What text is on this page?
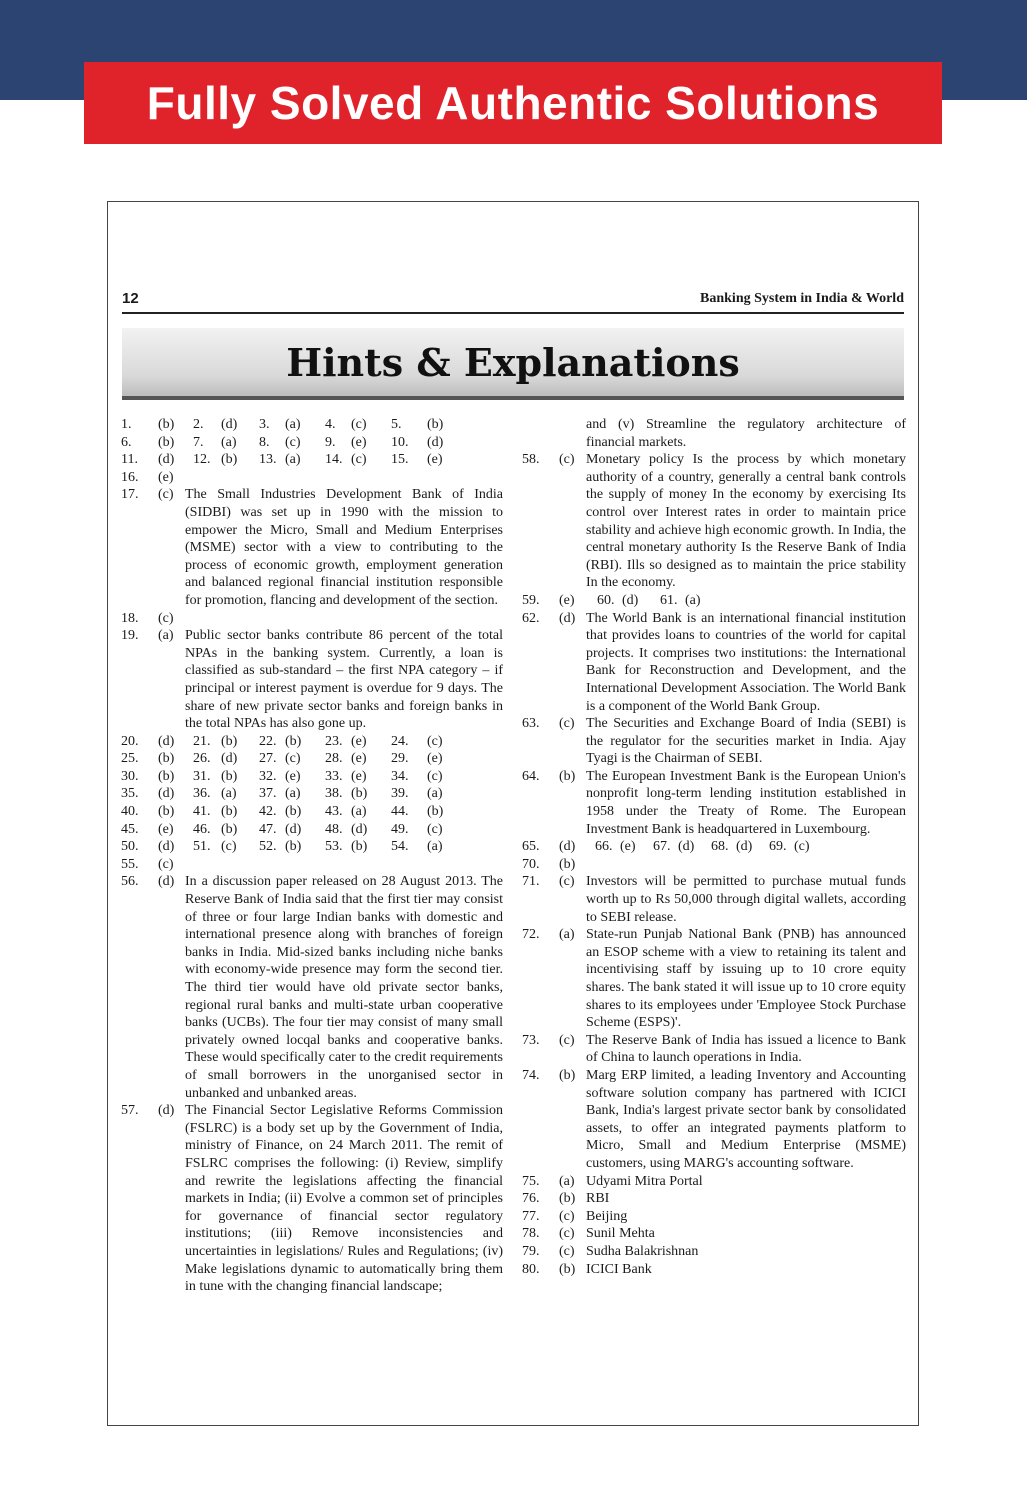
Fully Solved Authentic Solutions
12	Banking System in India & World
Hints & Explanations
1.	(b) 2.	(d) 3.	(a) 4.	(c) 5.	(b)
6.	(b) 7.	(a) 8.	(c) 9.	(e) 10.	(d)
11.	(d) 12. (b) 13. (a) 14. (c) 15.	(e)
16.	(e)
17.	(c) The Small Industries Development Bank of India (SIDBI) was set up in 1990 with the mission to empower the Micro, Small and Medium Enterprises (MSME) sector with a view to contributing to the process of economic growth, employment generation and balanced regional financial institution responsible for promotion, flancing and development of the section.
18.	(c)
19.	(a) Public sector banks contribute 86 percent of the total NPAs in the banking system. Currently, a loan is classified as sub-standard – the first NPA category – if principal or interest payment is overdue for 9 days. The share of new private sector banks and foreign banks in the total NPAs has also gone up.
20.	(d) 21. (b) 22. (b) 23. (e) 24.	(c)
25.	(b) 26. (d) 27. (c) 28. (e) 29.	(e)
30.	(b) 31. (b) 32. (e) 33. (e) 34.	(c)
35.	(d) 36. (a) 37. (a) 38. (b) 39.	(a)
40.	(b) 41. (b) 42. (b) 43. (a) 44.	(b)
45.	(e) 46. (b) 47. (d) 48. (d) 49.	(c)
50.	(d) 51. (c) 52. (b) 53. (b) 54.	(a)
55.	(c)
56.	(d) In a discussion paper released on 28 August 2013. The Reserve Bank of India said that the first tier may consist of three or four large Indian banks with domestic and international presence along with branches of foreign banks in India. Mid-sized banks including niche banks with economy-wide presence may form the second tier. The third tier would have old private sector banks, regional rural banks and multi-state urban cooperative banks (UCBs). The four tier may consist of many small privately owned locqal banks and cooperative banks. These would specifically cater to the credit requirements of small borrowers in the unorganised sector in unbanked and unbanked areas.
57.	(d) The Financial Sector Legislative Reforms Commission (FSLRC) is a body set up by the Government of India, ministry of Finance, on 24 March 2011. The remit of FSLRC comprises the following: (i) Review, simplify and rewrite the legislations affecting the financial markets in India; (ii) Evolve a common set of principles for governance of financial sector regulatory institutions; (iii) Remove inconsistencies and uncertainties in legislations/ Rules and Regulations; (iv) Make legislations dynamic to automatically bring them in tune with the changing financial landscape;
and (v) Streamline the regulatory architecture of financial markets.
58.	(c) Monetary policy Is the process by which monetary authority of a country, generally a central bank controls the supply of money In the economy by exercising Its control over Interest rates in order to maintain price stability and achieve high economic growth. In India, the central monetary authority Is the Reserve Bank of India (RBI). Ills so designed as to maintain the price stability In the economy.
59.	(e) 60. (d) 61. (a)
62.	(d) The World Bank is an international financial institution that provides loans to countries of the world for capital projects. It comprises two institutions: the International Bank for Reconstruction and Development, and the International Development Association. The World Bank is a component of the World Bank Group.
63.	(c) The Securities and Exchange Board of India (SEBI) is the regulator for the securities market in India. Ajay Tyagi is the Chairman of SEBI.
64.	(b) The European Investment Bank is the European Union's nonprofit long-term lending institution established in 1958 under the Treaty of Rome. The European Investment Bank is headquartered in Luxembourg.
65.	(d) 66. (e) 67. (d) 68. (d) 69. (c)
70.	(b)
71.	(c) Investors will be permitted to purchase mutual funds worth up to Rs 50,000 through digital wallets, according to SEBI release.
72.	(a) State-run Punjab National Bank (PNB) has announced an ESOP scheme with a view to retaining its talent and incentivising staff by issuing up to 10 crore equity shares. The bank stated it will issue up to 10 crore equity shares to its employees under 'Employee Stock Purchase Scheme (ESPS)'.
73.	(c) The Reserve Bank of India has issued a licence to Bank of China to launch operations in India.
74.	(b) Marg ERP limited, a leading Inventory and Accounting software solution company has partnered with ICICI Bank, India's largest private sector bank by consolidated assets, to offer an integrated payments platform to Micro, Small and Medium Enterprise (MSME) customers, using MARG's accounting software.
75.	(a) Udyami Mitra Portal
76.	(b) RBI
77.	(c) Beijing
78.	(c) Sunil Mehta
79.	(c) Sudha Balakrishnan
80.	(b) ICICI Bank
